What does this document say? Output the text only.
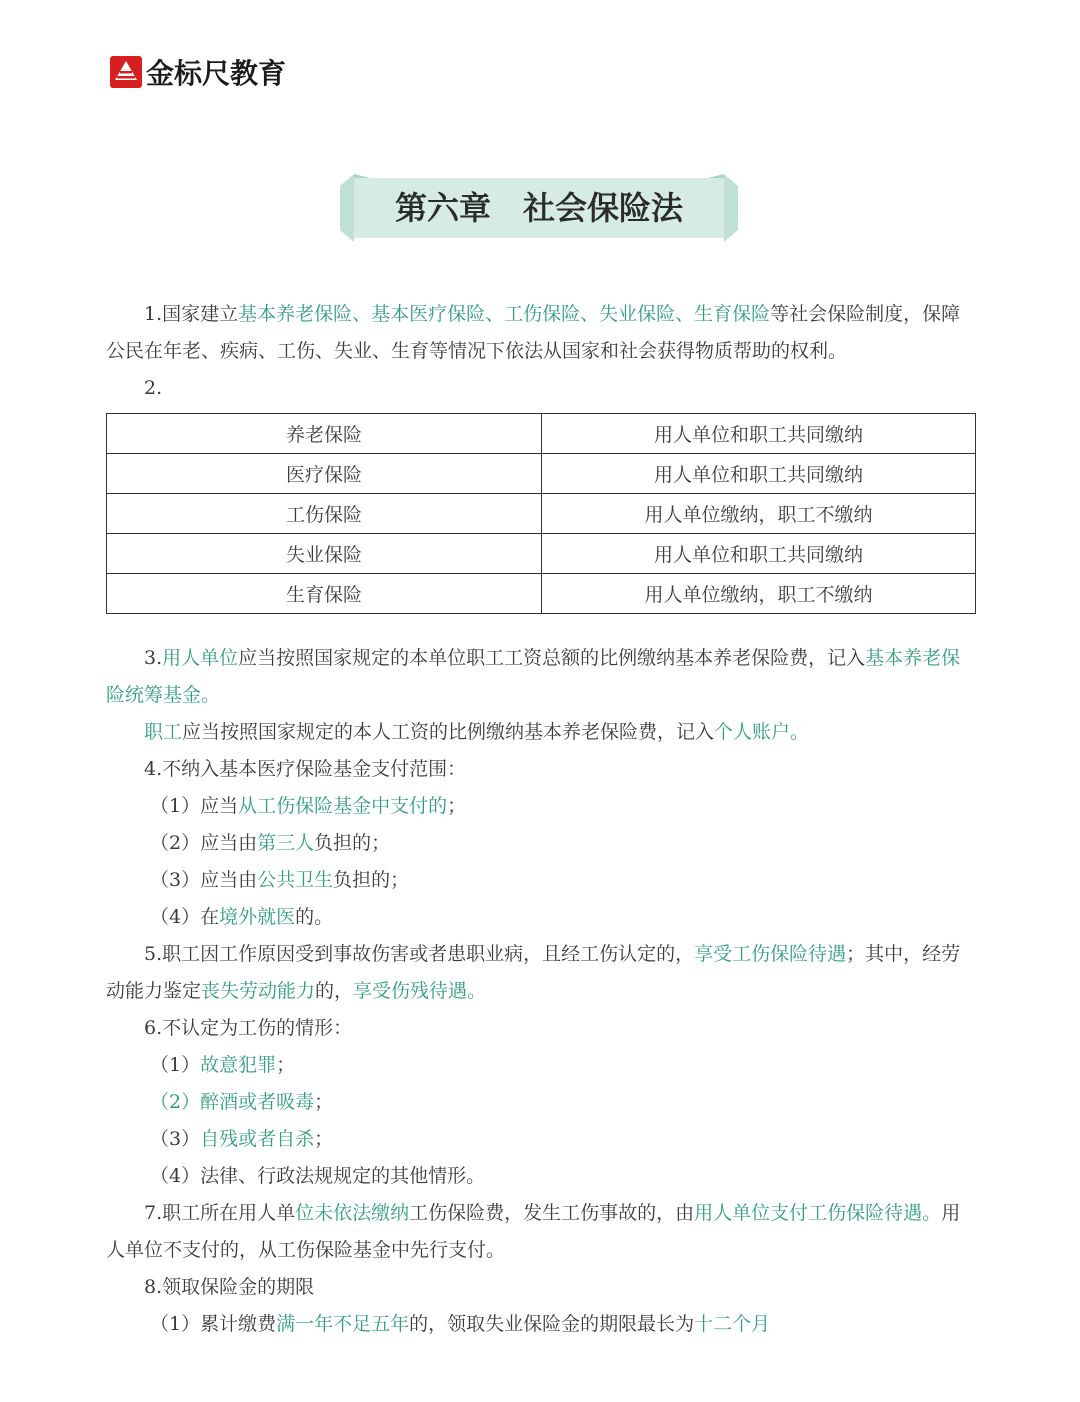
金标尺教育
第六章　社会保险法

1.国家建立基本养老保险、基本医疗保险、工伤保险、失业保险、生育保险等社会保险制度，保障公民在年老、疾病、工伤、失业、生育等情况下依法从国家和社会获得物质帮助的权利。

2.

养老保险	用人单位和职工共同缴纳
医疗保险	用人单位和职工共同缴纳
工伤保险	用人单位缴纳，职工不缴纳
失业保险	用人单位和职工共同缴纳
生育保险	用人单位缴纳，职工不缴纳

3.用人单位应当按照国家规定的本单位职工工资总额的比例缴纳基本养老保险费，记入基本养老保险统筹基金。

职工应当按照国家规定的本人工资的比例缴纳基本养老保险费，记入个人账户。

4.不纳入基本医疗保险基金支付范围：

（1）应当从工伤保险基金中支付的；

（2）应当由第三人负担的；

（3）应当由公共卫生负担的；

（4）在境外就医的。

5.职工因工作原因受到事故伤害或者患职业病，且经工伤认定的，享受工伤保险待遇；其中，经劳动能力鉴定丧失劳动能力的，享受伤残待遇。

6.不认定为工伤的情形：

（1）故意犯罪；

（2）醉酒或者吸毒；

（3）自残或者自杀；

（4）法律、行政法规规定的其他情形。

7.职工所在用人单位未依法缴纳工伤保险费，发生工伤事故的，由用人单位支付工伤保险待遇。用人单位不支付的，从工伤保险基金中先行支付。

8.领取保险金的期限

（1）累计缴费满一年不足五年的，领取失业保险金的期限最长为十二个月
